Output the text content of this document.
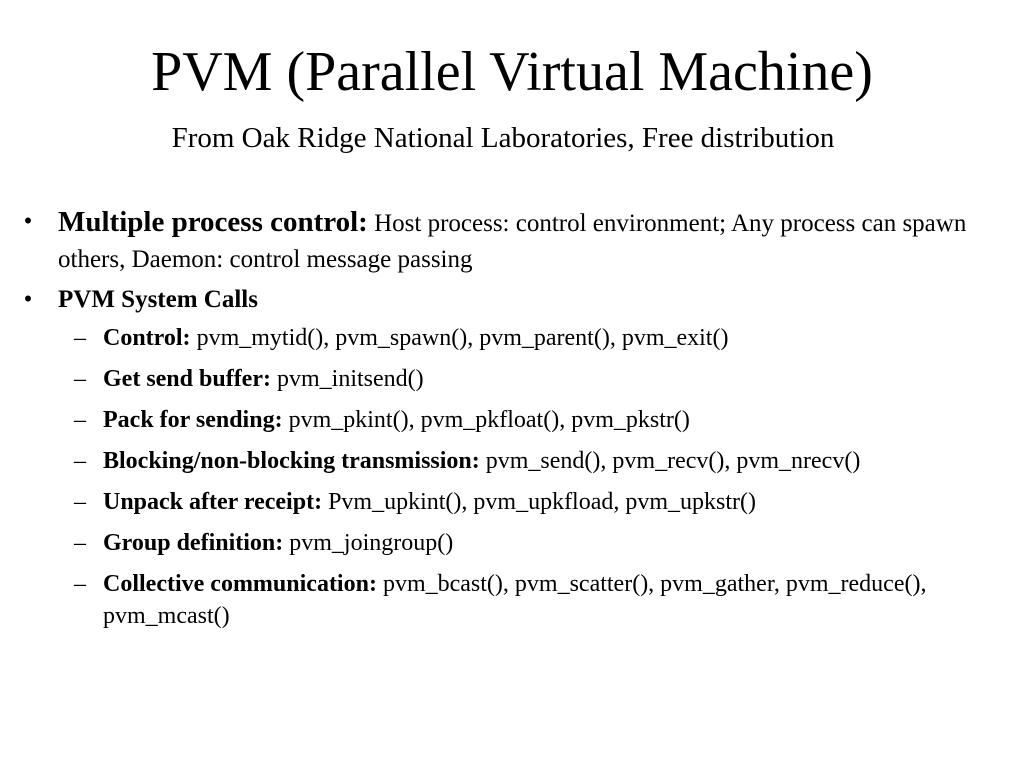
PVM (Parallel Virtual Machine)
From Oak Ridge National Laboratories, Free distribution
• Multiple process control: Host process: control environment; Any process can spawn others, Daemon: control message passing
• PVM System Calls
– Control: pvm_mytid(), pvm_spawn(), pvm_parent(), pvm_exit()
– Get send buffer: pvm_initsend()
– Pack for sending: pvm_pkint(), pvm_pkfloat(), pvm_pkstr()
– Blocking/non-blocking transmission: pvm_send(), pvm_recv(), pvm_nrecv()
– Unpack after receipt: Pvm_upkint(), pvm_upkfload, pvm_upkstr()
– Group definition: pvm_joingroup()
– Collective communication: pvm_bcast(), pvm_scatter(), pvm_gather, pvm_reduce(), pvm_mcast()
